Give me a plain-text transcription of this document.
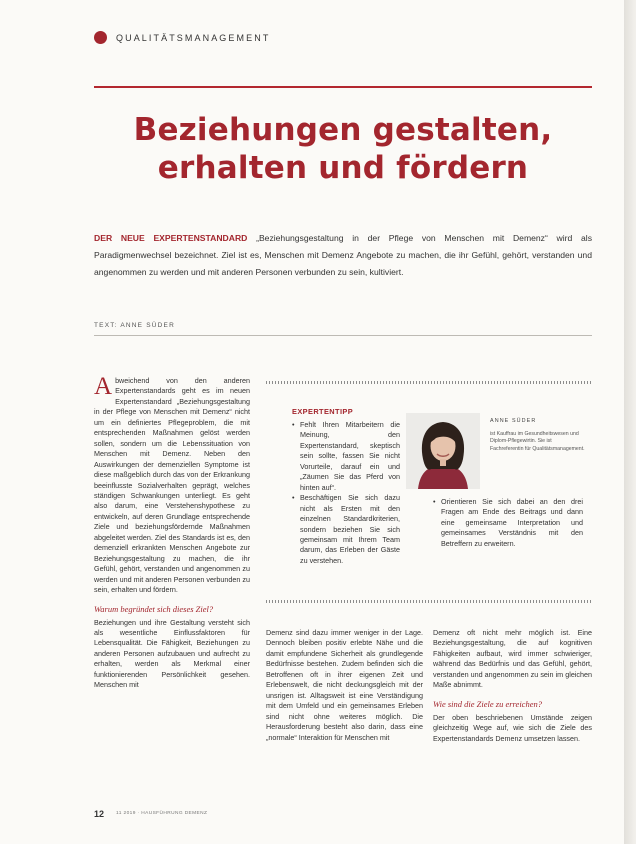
QUALITÄTSMANAGEMENT
Beziehungen gestalten,
erhalten und fördern
DER NEUE EXPERTENSTANDARD „Beziehungsgestaltung in der Pflege von Menschen mit Demenz“ wird als Paradigmenwechsel bezeichnet. Ziel ist es, Menschen mit Demenz Angebote zu machen, die ihr Gefühl, gehört, verstanden und angenommen zu werden und mit anderen Personen verbunden zu sein, kultiviert.
TEXT: ANNE SÜDER
A bweichend von den anderen Expertenstandards geht es im neuen Expertenstandard „Beziehungsgestaltung in der Pflege von Menschen mit Demenz“ nicht um ein definiertes Pflegeproblem, die mit entsprechenden Maßnahmen gelöst werden sollen, sondern um die Lebenssituation von Menschen mit Demenz. Neben den Auswirkungen der demenziellen Symptome ist diese maßgeblich durch das von der Erkrankung beeinflusste Sozialverhalten geprägt, welches ständigen Schwankungen unterliegt. Es geht also darum, eine Verstehenshypothese zu entwickeln, auf deren Grundlage entsprechende Ziele und beziehungsfördernde Maßnahmen abgeleitet werden. Ziel des Standards ist es, den demenziell erkrankten Menschen Angebote zur Beziehungsgestaltung zu machen, die ihr Gefühl, gehört, verstanden und angenommen zu werden und mit anderen Personen verbunden zu sein, erhalten und fördern.

Warum begründet sich dieses Ziel?

Beziehungen und ihre Gestaltung versteht sich als wesentliche Einflussfaktoren für Lebensqualität. Die Fähigkeit, Beziehungen zu anderen Personen aufzubauen und aufrecht zu erhalten, werden als Merkmal einer funktionierenden Persönlichkeit gesehen. Menschen mit

EXPERTENTIPP
• Fehlt Ihren Mitarbeitern die Meinung, den Expertenstandard, skeptisch sein sollte, fassen Sie nicht Vorurteile, darauf ein und „Zäumen Sie das Pferd von hinten auf“.
• Beschäftigen Sie sich dazu nicht als Ersten mit den einzelnen Standardkriterien, sondern beziehen Sie sich gemeinsam mit Ihrem Team darum, das Erleben der Gäste zu verstehen.
ANNE SÜDER
ist Kauffrau im Gesundheitswesen und Diplom-Pflegewirtin. Sie ist Fachreferentin für Qualitätsmanagement.
• Orientieren Sie sich dabei an den drei Fragen am Ende des Beitrags und dann eine gemeinsame Interpretation und gemeinsames Verständnis mit den Betreffern zu erweitern.

Demenz sind dazu immer weniger in der Lage. Dennoch bleiben positiv erlebte Nähe und die damit empfundene Sicherheit als grundlegende Bedürfnisse bestehen. Zudem befinden sich die Betroffenen oft in ihrer eigenen Zeit und Erlebenswelt, die nicht deckungsgleich mit der unsrigen ist. Alltagsweit ist eine Verständigung mit dem Umfeld und ein gemeinsames Erleben sind nicht ohne weiteres möglich. Die Herausforderung besteht also darin, dass eine „normale“ Interaktion für Menschen mit

Demenz oft nicht mehr möglich ist. Eine Beziehungsgestaltung, die auf kognitiven Fähigkeiten aufbaut, wird immer schwieriger, während das Bedürfnis und das Gefühl, gehört, verstanden und angenommen zu sein im gleichen Maße abnimmt.

Wie sind die Ziele zu erreichen?

Der oben beschriebenen Umstände zeigen gleichzeitig Wege auf, wie sich die Ziele des Expertenstandards Demenz umsetzen lassen.

12 11 2019 · HAUSFÜHRUNG DEMENZ
